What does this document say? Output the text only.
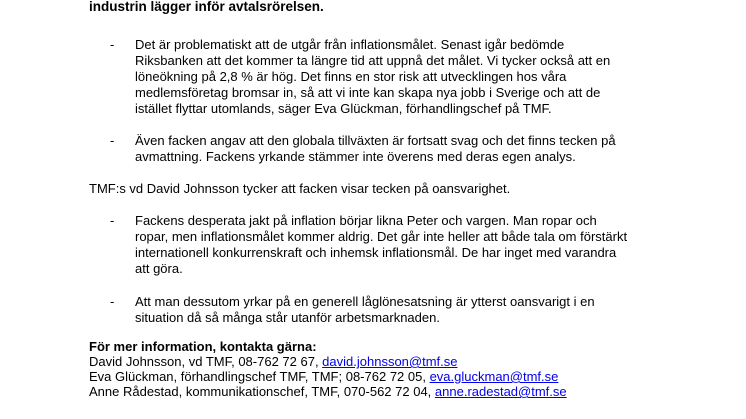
industrin lägger inför avtalsrörelsen.
- Det är problematiskt att de utgår från inflationsmålet. Senast igår bedömde
Riksbanken att det kommer ta längre tid att uppnå det målet. Vi tycker också att en
löneökning på 2,8 % är hög. Det finns en stor risk att utvecklingen hos våra
medlemsföretag bromsar in, så att vi inte kan skapa nya jobb i Sverige och att de
istället flyttar utomlands, säger Eva Glückman, förhandlingschef på TMF.
- Även facken angav att den globala tillväxten är fortsatt svag och det finns tecken på
avmattning. Fackens yrkande stämmer inte överens med deras egen analys.
TMF:s vd David Johnsson tycker att facken visar tecken på oansvarighet.
- Fackens desperata jakt på inflation börjar likna Peter och vargen. Man ropar och
ropar, men inflationsmålet kommer aldrig. Det går inte heller att både tala om förstärkt
internationell konkurrenskraft och inhemsk inflationsmål. De har inget med varandra
att göra.
- Att man dessutom yrkar på en generell låglönesatsning är ytterst oansvarigt i en
situation då så många står utanför arbetsmarknaden.
För mer information, kontakta gärna:
David Johnsson, vd TMF, 08-762 72 67, david.johnsson@tmf.se
Eva Glückman, förhandlingschef TMF, TMF; 08-762 72 05, eva.gluckman@tmf.se
Anne Rådestad, kommunikationschef, TMF, 070-562 72 04, anne.radestad@tmf.se
